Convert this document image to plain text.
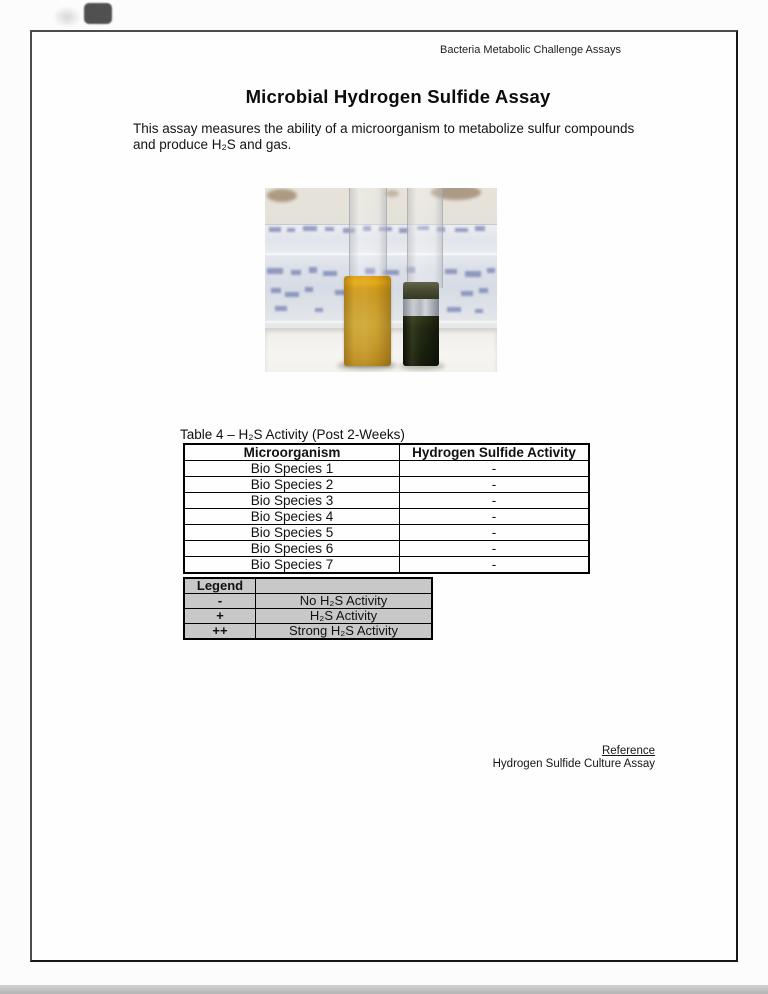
Bacteria Metabolic Challenge Assays
Microbial Hydrogen Sulfide Assay
This assay measures the ability of a microorganism to metabolize sulfur compounds
and produce H₂S and gas.
Table 4 – H₂S Activity (Post 2-Weeks)
Microorganism	Hydrogen Sulfide Activity
Bio Species 1	-
Bio Species 2	-
Bio Species 3	-
Bio Species 4	-
Bio Species 5	-
Bio Species 6	-
Bio Species 7	-
Legend	
-	No H₂S Activity
+	H₂S Activity
++	Strong H₂S Activity
Reference
Hydrogen Sulfide Culture Assay
